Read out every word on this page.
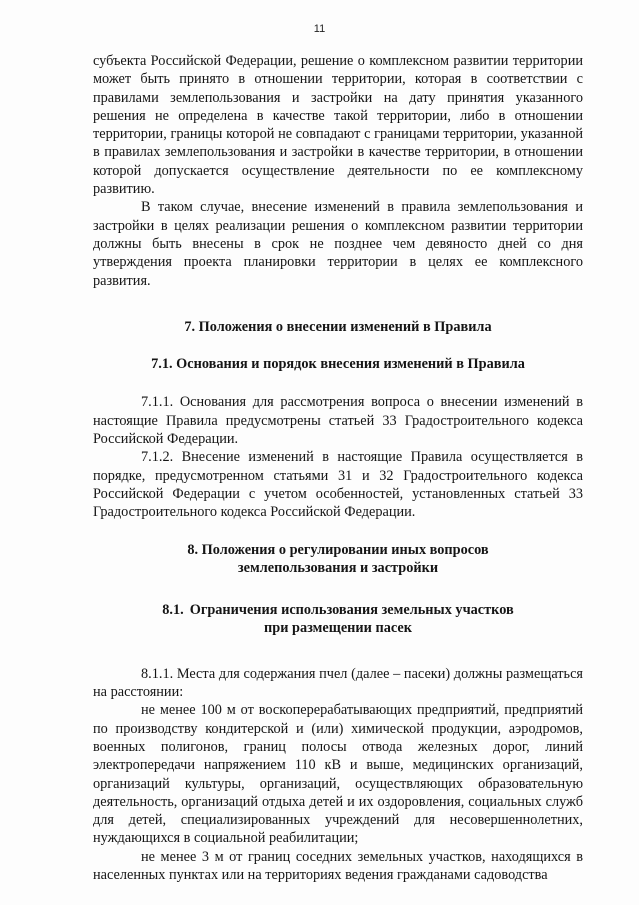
11

субъекта Российской Федерации, решение о комплексном развитии территории может быть принято в отношении территории, которая в соответствии с правилами землепользования и застройки на дату принятия указанного решения не определена в качестве такой территории, либо в отношении территории, границы которой не совпадают с границами территории, указанной в правилах землепользования и застройки в качестве территории, в отношении которой допускается осуществление деятельности по ее комплексному развитию.

В таком случае, внесение изменений в правила землепользования и застройки в целях реализации решения о комплексном развитии территории должны быть внесены в срок не позднее чем девяносто дней со дня утверждения проекта планировки территории в целях ее комплексного развития.

7. Положения о внесении изменений в Правила
7.1. Основания и порядок внесения изменений в Правила

7.1.1. Основания для рассмотрения вопроса о внесении изменений в настоящие Правила предусмотрены статьей 33 Градостроительного кодекса Российской Федерации.

7.1.2. Внесение изменений в настоящие Правила осуществляется в порядке, предусмотренном статьями 31 и 32 Градостроительного кодекса Российской Федерации с учетом особенностей, установленных статьей 33 Градостроительного кодекса Российской Федерации.

8. Положения о регулировании иных вопросов
землепользования и застройки
8.1. Ограничения использования земельных участков
при размещении пасек

8.1.1. Места для содержания пчел (далее – пасеки) должны размещаться на расстоянии:

не менее 100 м от воскоперерабатывающих предприятий, предприятий по производству кондитерской и (или) химической продукции, аэродромов, военных полигонов, границ полосы отвода железных дорог, линий электропередачи напряжением 110 кВ и выше, медицинских организаций, организаций культуры, организаций, осуществляющих образовательную деятельность, организаций отдыха детей и их оздоровления, социальных служб для детей, специализированных учреждений для несовершеннолетних, нуждающихся в социальной реабилитации;

не менее 3 м от границ соседних земельных участков, находящихся в населенных пунктах или на территориях ведения гражданами садоводства
